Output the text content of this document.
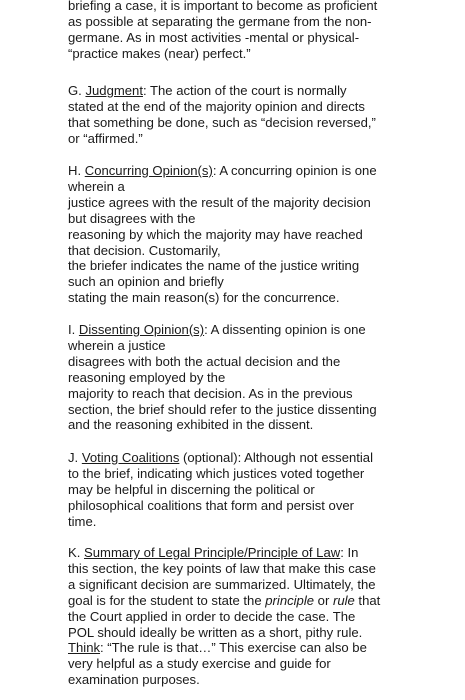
briefing a case, it is important to become as proficient
as possible at separating the germane from the non-
germane. As in most activities -mental or physical-
“practice makes (near) perfect.”
G. Judgment: The action of the court is normally
stated at the end of the majority opinion and directs
that something be done, such as “decision reversed,”
or “affirmed.”
H. Concurring Opinion(s): A concurring opinion is one
wherein a
justice agrees with the result of the majority decision
but disagrees with the
reasoning by which the majority may have reached
that decision. Customarily,
the briefer indicates the name of the justice writing
such an opinion and briefly
stating the main reason(s) for the concurrence.
I. Dissenting Opinion(s): A dissenting opinion is one
wherein a justice
disagrees with both the actual decision and the
reasoning employed by the
majority to reach that decision. As in the previous
section, the brief should refer to the justice dissenting
and the reasoning exhibited in the dissent.
J. Voting Coalitions (optional): Although not essential
to the brief, indicating which justices voted together
may be helpful in discerning the political or
philosophical coalitions that form and persist over
time.
K. Summary of Legal Principle/Principle of Law: In
this section, the key points of law that make this case
a significant decision are summarized. Ultimately, the
goal is for the student to state the principle or rule that
the Court applied in order to decide the case. The
POL should ideally be written as a short, pithy rule.
Think: “The rule is that…” This exercise can also be
very helpful as a study exercise and guide for
examination purposes.
